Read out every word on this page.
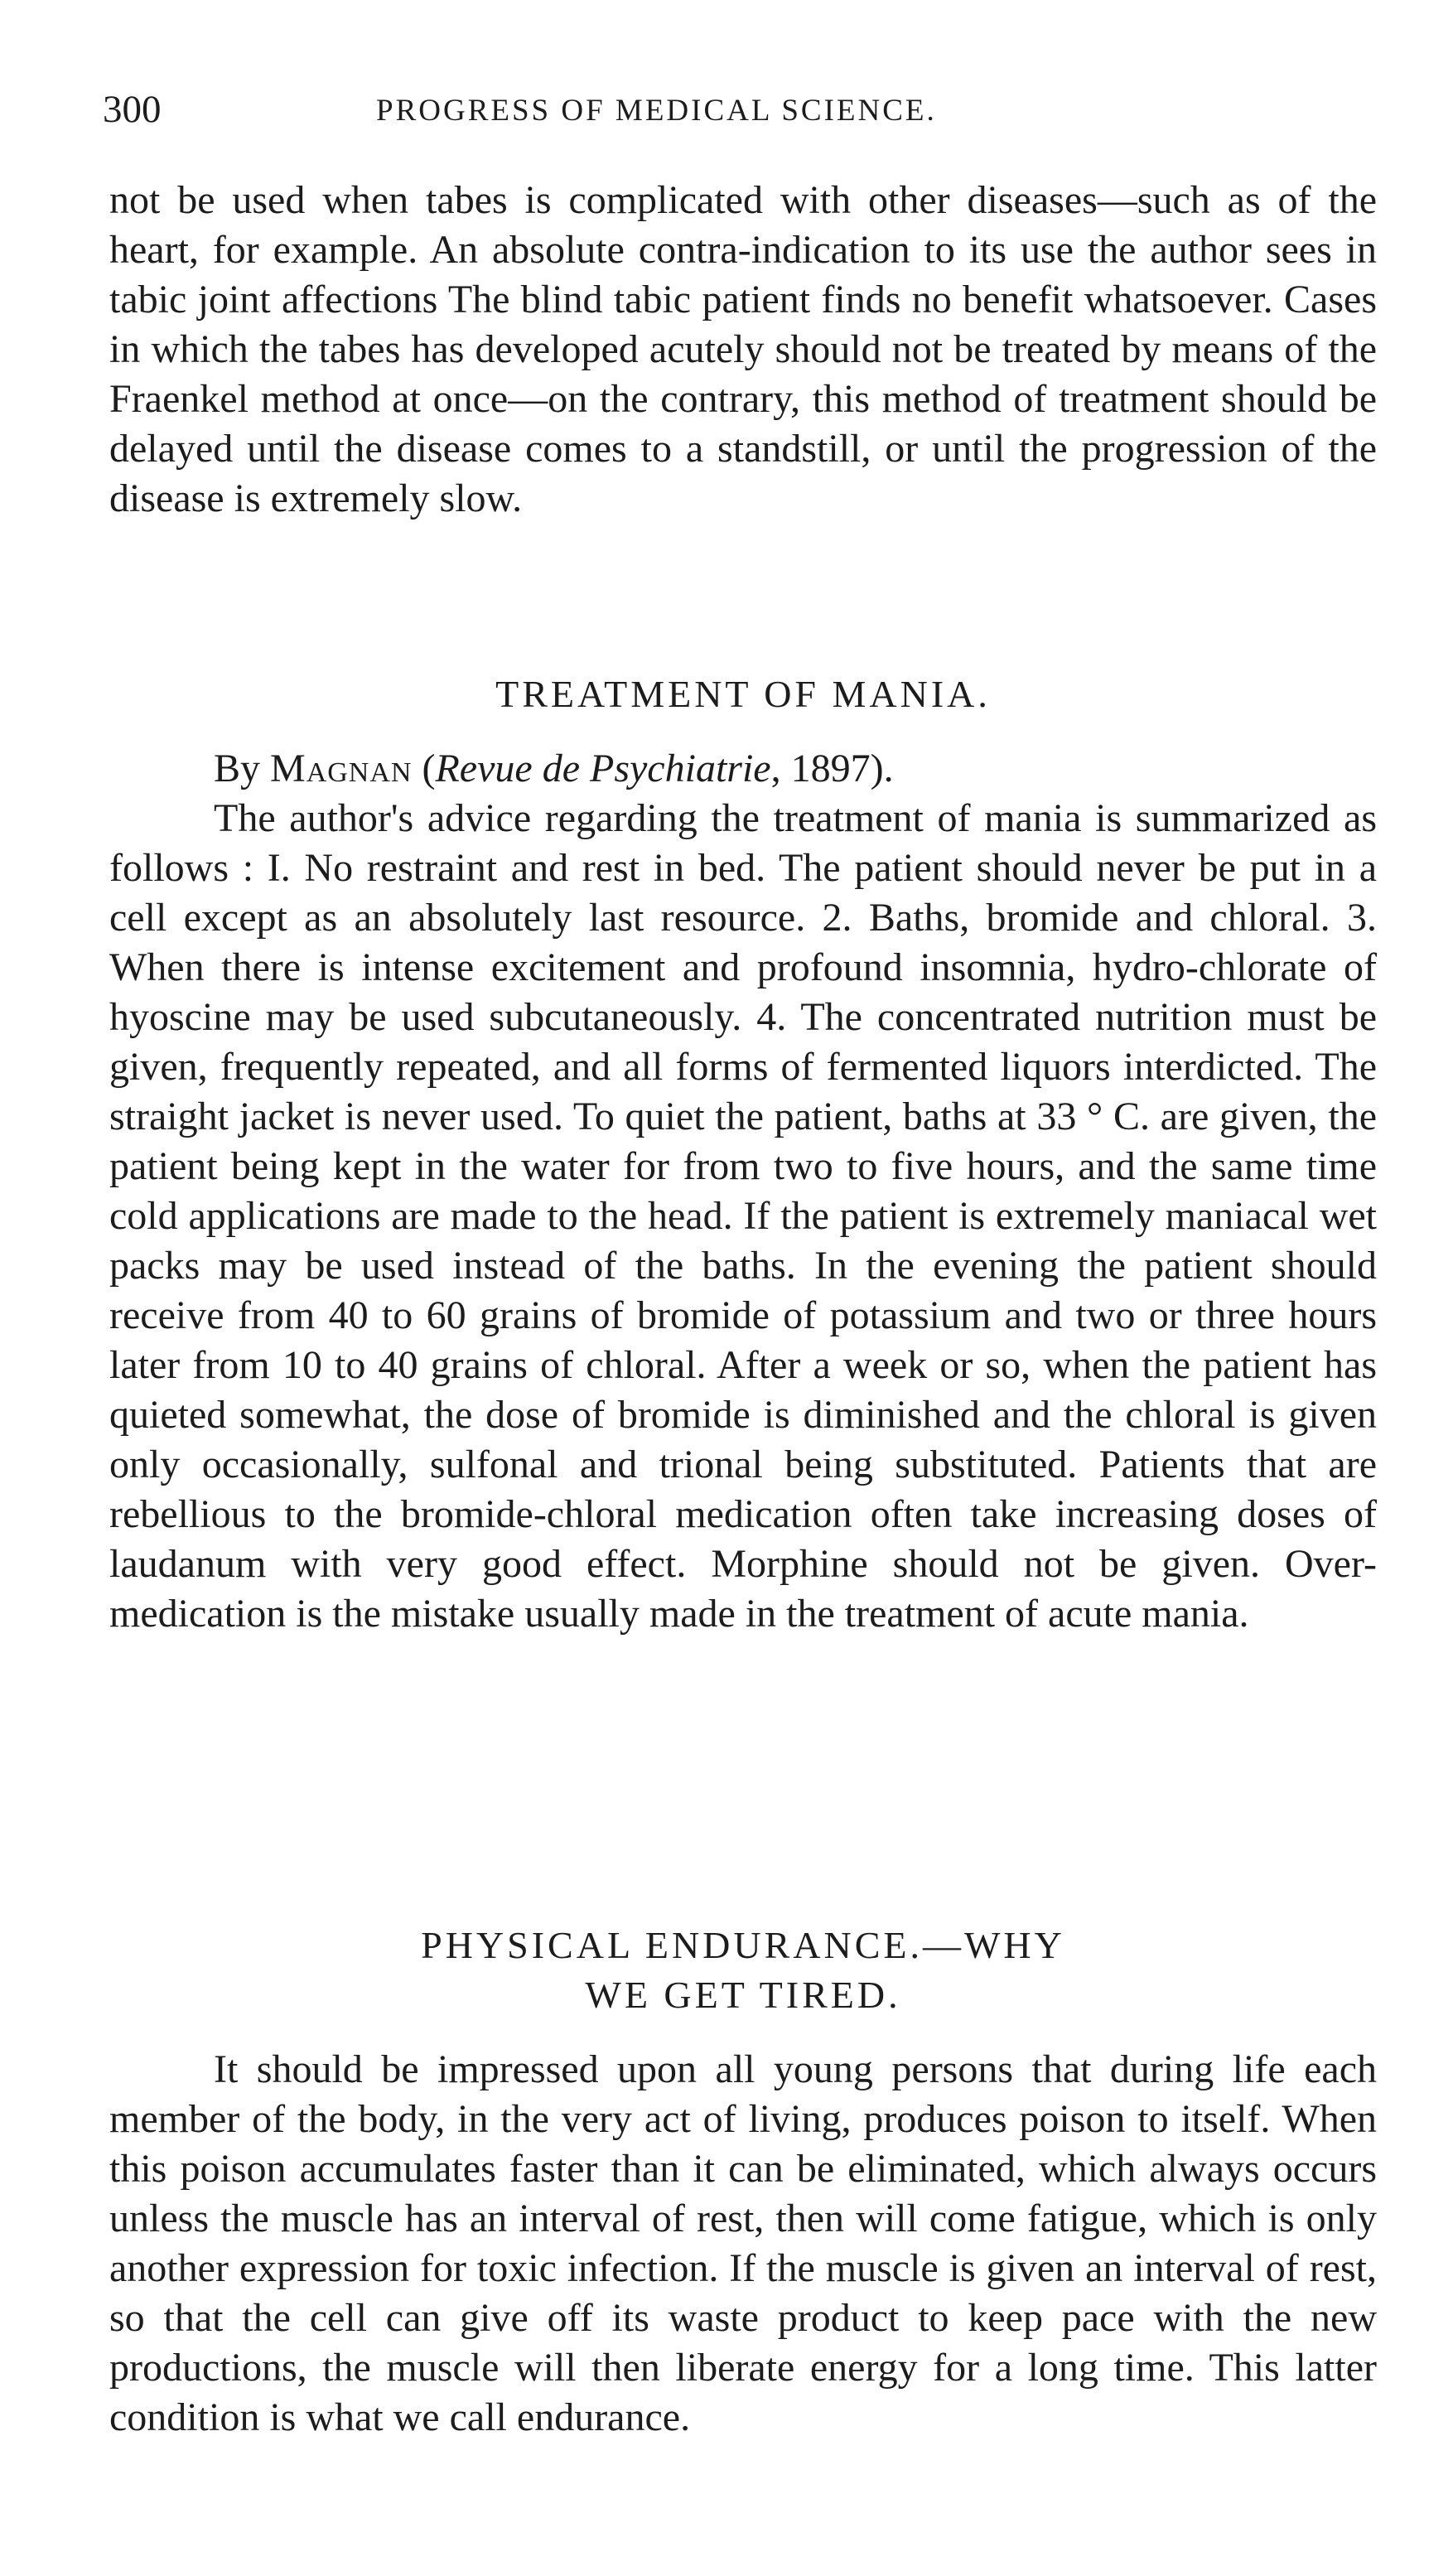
300	PROGRESS OF MEDICAL SCIENCE.

not be used when tabes is complicated with other diseases—such as of the heart, for example. An absolute contra-indication to its use the author sees in tabic joint affections The blind tabic patient finds no benefit whatsoever. Cases in which the tabes has developed acutely should not be treated by means of the Fraenkel method at once—on the contrary, this method of treatment should be delayed until the disease comes to a standstill, or until the progression of the disease is extremely slow.

TREATMENT OF MANIA.
By Magnan (Revue de Psychiatrie, 1897).

The author's advice regarding the treatment of mania is summarized as follows : I. No restraint and rest in bed. The patient should never be put in a cell except as an absolutely last resource. 2. Baths, bromide and chloral. 3. When there is intense excitement and profound insomnia, hydro-chlorate of hyoscine may be used subcutaneously. 4. The concentrated nutrition must be given, frequently repeated, and all forms of fermented liquors interdicted. The straight jacket is never used. To quiet the patient, baths at 33 ° C. are given, the patient being kept in the water for from two to five hours, and the same time cold applications are made to the head. If the patient is extremely maniacal wet packs may be used instead of the baths. In the evening the patient should receive from 40 to 60 grains of bromide of potassium and two or three hours later from 10 to 40 grains of chloral. After a week or so, when the patient has quieted somewhat, the dose of bromide is diminished and the chloral is given only occasionally, sulfonal and trional being substituted. Patients that are rebellious to the bromide-chloral medication often take increasing doses of laudanum with very good effect. Morphine should not be given. Over-medication is the mistake usually made in the treatment of acute mania.

PHYSICAL ENDURANCE.—WHY
WE GET TIRED.

It should be impressed upon all young persons that during life each member of the body, in the very act of living, produces poison to itself. When this poison accumulates faster than it can be eliminated, which always occurs unless the muscle has an interval of rest, then will come fatigue, which is only another expression for toxic infection. If the muscle is given an interval of rest, so that the cell can give off its waste product to keep pace with the new productions, the muscle will then liberate energy for a long time. This latter condition is what we call endurance.
